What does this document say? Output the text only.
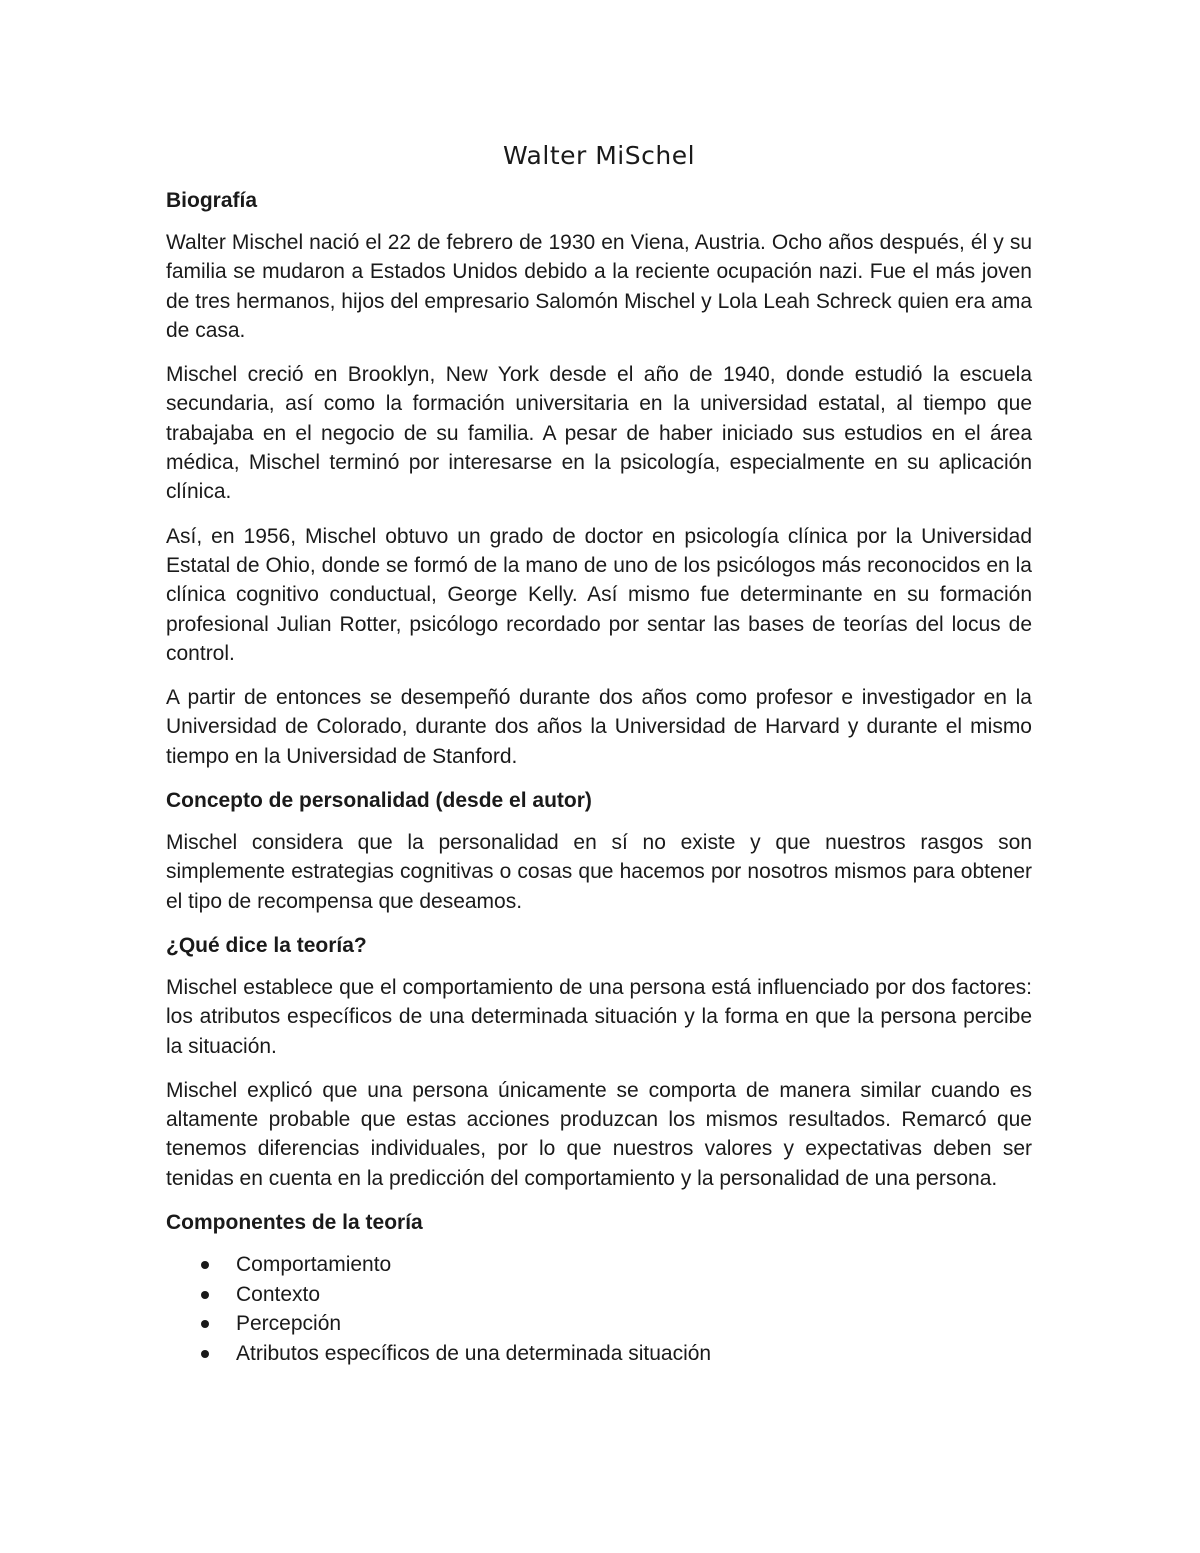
Walter MiSchel
Biografía

Walter Mischel nació el 22 de febrero de 1930 en Viena, Austria. Ocho años después, él y su familia se mudaron a Estados Unidos debido a la reciente ocupación nazi. Fue el más joven de tres hermanos, hijos del empresario Salomón Mischel y Lola Leah Schreck quien era ama de casa.

Mischel creció en Brooklyn, New York desde el año de 1940, donde estudió la escuela secundaria, así como la formación universitaria en la universidad estatal, al tiempo que trabajaba en el negocio de su familia. A pesar de haber iniciado sus estudios en el área médica, Mischel terminó por interesarse en la psicología, especialmente en su aplicación clínica.

Así, en 1956, Mischel obtuvo un grado de doctor en psicología clínica por la Universidad Estatal de Ohio, donde se formó de la mano de uno de los psicólogos más reconocidos en la clínica cognitivo conductual, George Kelly. Así mismo fue determinante en su formación profesional Julian Rotter, psicólogo recordado por sentar las bases de teorías del locus de control.

A partir de entonces se desempeñó durante dos años como profesor e investigador en la Universidad de Colorado, durante dos años la Universidad de Harvard y durante el mismo tiempo en la Universidad de Stanford.

Concepto de personalidad (desde el autor)

Mischel considera que la personalidad en sí no existe y que nuestros rasgos son simplemente estrategias cognitivas o cosas que hacemos por nosotros mismos para obtener el tipo de recompensa que deseamos.

¿Qué dice la teoría?

Mischel establece que el comportamiento de una persona está influenciado por dos factores: los atributos específicos de una determinada situación y la forma en que la persona percibe la situación.

Mischel explicó que una persona únicamente se comporta de manera similar cuando es altamente probable que estas acciones produzcan los mismos resultados. Remarcó que tenemos diferencias individuales, por lo que nuestros valores y expectativas deben ser tenidas en cuenta en la predicción del comportamiento y la personalidad de una persona.

Componentes de la teoría
Comportamiento
Contexto
Percepción
Atributos específicos de una determinada situación
